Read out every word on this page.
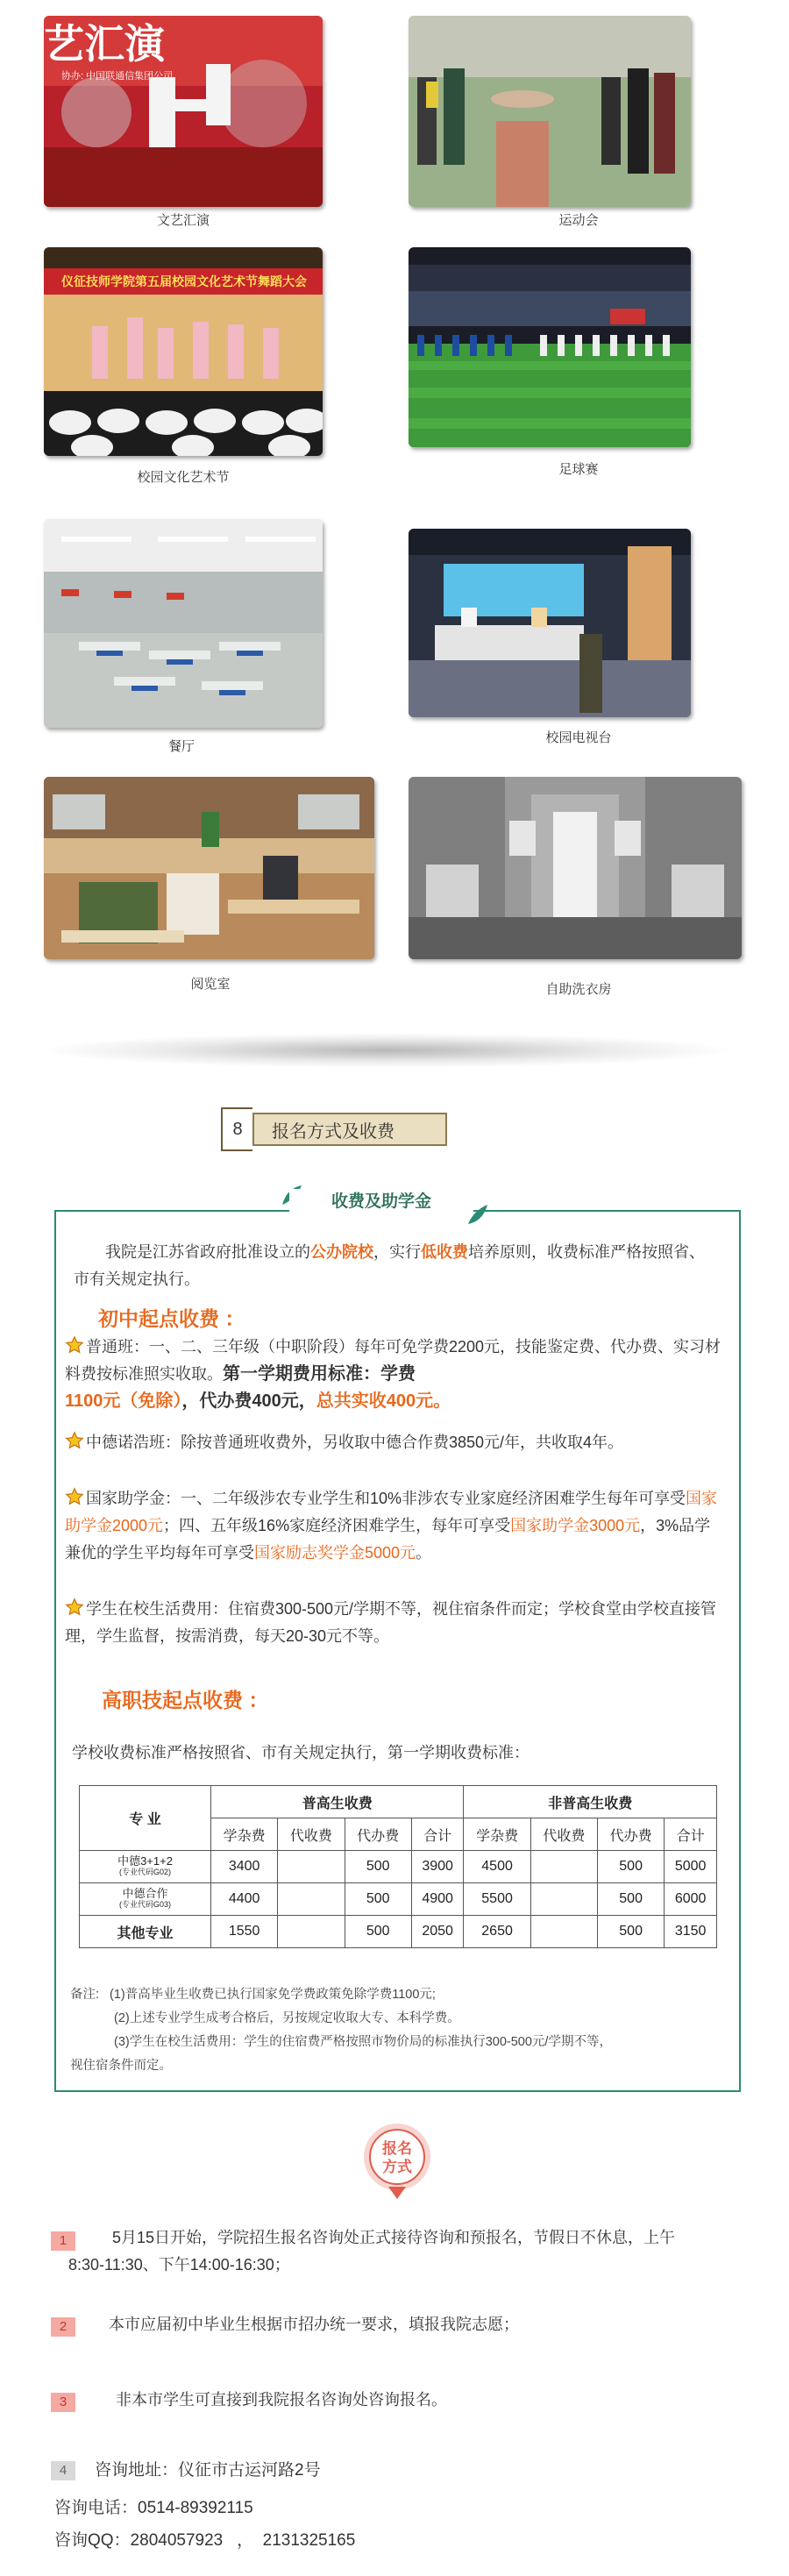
艺汇演
协办: 中国联通信集团公司
文艺汇演	运动会
仪征技师学院第五届校园文化艺术节舞蹈大会
校园文化艺术节
足球赛
餐厅
校园电视台
阅览室	自助洗衣房
8	报名方式及收费
收费及助学金
我院是江苏省政府批准设立的公办院校，实行低收费培养原则，收费标准严格按照省、市有关规定执行。
初中起点收费 ：
普通班：一、二、三年级（中职阶段）每年可免学费2200元，技能鉴定费、代办费、实习材料费按标准照实收取。第一学期费用标准：学费
1100元（免除），代办费400元，总共实收400元。
中德诺浩班：除按普通班收费外，另收取中德合作费3850元/年，共收取4年。
国家助学金：一、二年级涉农专业学生和10%非涉农专业家庭经济困难学生每年可享受国家助学金2000元；四、五年级16%家庭经济困难学生，每年可享受国家助学金3000元，3%品学兼优的学生平均每年可享受国家励志奖学金5000元。
学生在校生活费用：住宿费300-500元/学期不等，视住宿条件而定；学校食堂由学校直接管理，学生监督，按需消费，每天20-30元不等。
高职技起点收费 ：
学校收费标准严格按照省、市有关规定执行，第一学期收费标准：
专 业	普高生收费				非普高生收费			
	学杂费	代收费	代办费	合计	学杂费	代收费	代办费	合计
中德3+1+2
(专业代码G02)	3400		500	3900	4500		500	5000
中德合作
(专业代码G03)	4400		500	4900	5500		500	6000
其他专业	1550		500	2050	2650		500	3150
备注: (1)普高毕业生收费已执行国家免学费政策免除学费1100元;
(2)上述专业学生成考合格后，另按规定收取大专、本科学费。
(3)学生在校生活费用：学生的住宿费严格按照市物价局的标准执行300-500元/学期不等，
视住宿条件而定。
报名
方式
1	5月15日开始，学院招生报名咨询处正式接待咨询和预报名，节假日不休息，上午
8:30-11:30、下午14:00-16:30；
2	本市应届初中毕业生根据市招办统一要求，填报我院志愿；
3	非本市学生可直接到我院报名咨询处咨询报名。
4	咨询地址：仪征市古运河路2号
咨询电话：0514-89392115
咨询QQ：2804057923   ，  2131325165
